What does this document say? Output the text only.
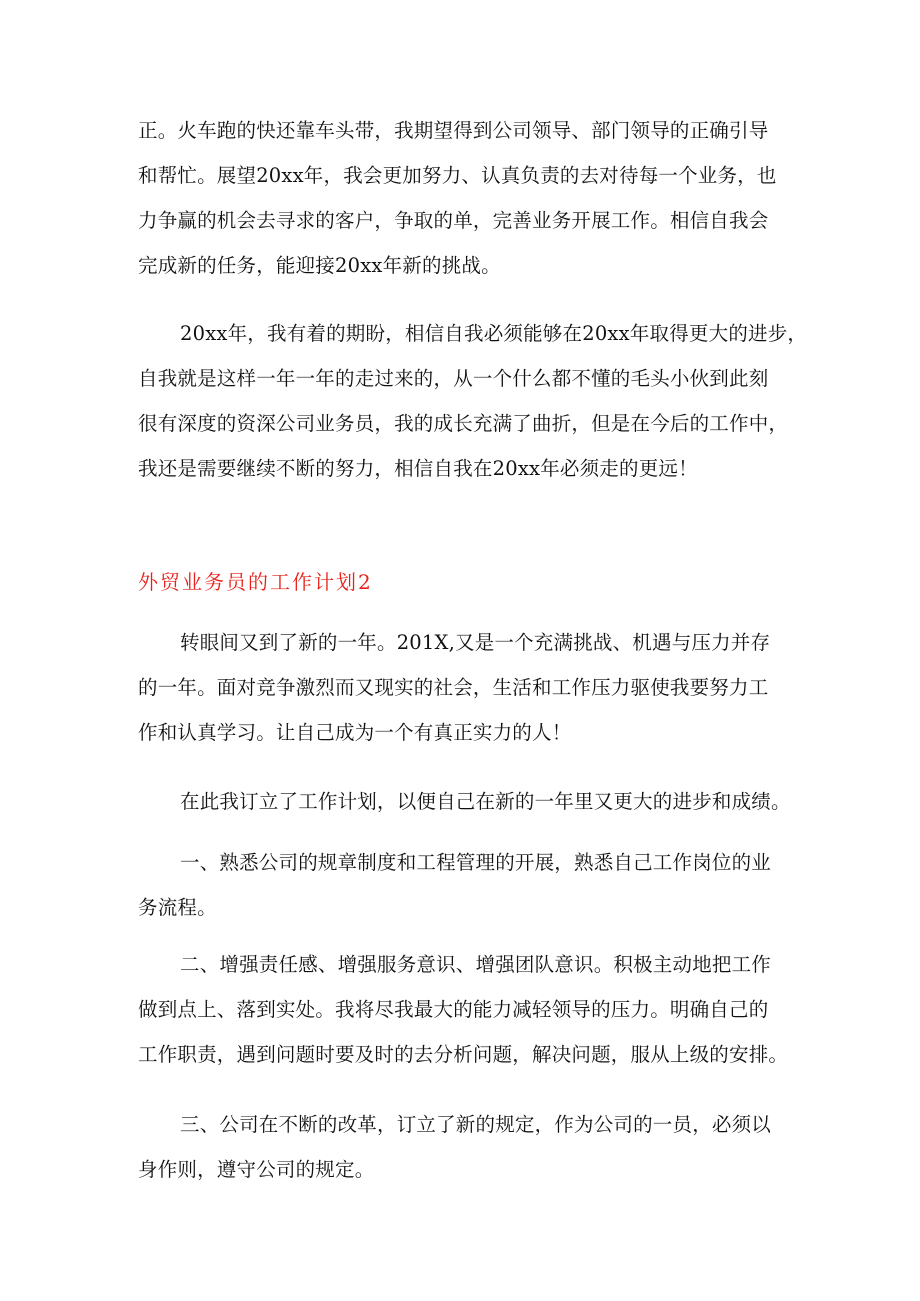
正。火车跑的快还靠车头带，我期望得到公司领导、部门领导的正确引导
和帮忙。展望20xx年，我会更加努力、认真负责的去对待每一个业务，也
力争赢的机会去寻求的客户，争取的单，完善业务开展工作。相信自我会
完成新的任务，能迎接20xx年新的挑战。

20xx年，我有着的期盼，相信自我必须能够在20xx年取得更大的进步，
自我就是这样一年一年的走过来的，从一个什么都不懂的毛头小伙到此刻
很有深度的资深公司业务员，我的成长充满了曲折，但是在今后的工作中，
我还是需要继续不断的努力，相信自我在20xx年必须走的更远！

外贸业务员的工作计划2

转眼间又到了新的一年。201X,又是一个充满挑战、机遇与压力并存
的一年。面对竞争激烈而又现实的社会，生活和工作压力驱使我要努力工
作和认真学习。让自己成为一个有真正实力的人！

在此我订立了工作计划，以便自己在新的一年里又更大的进步和成绩。

一、熟悉公司的规章制度和工程管理的开展，熟悉自己工作岗位的业
务流程。

二、增强责任感、增强服务意识、增强团队意识。积极主动地把工作
做到点上、落到实处。我将尽我最大的能力减轻领导的压力。明确自己的
工作职责，遇到问题时要及时的去分析问题，解决问题，服从上级的安排。

三、公司在不断的改革，订立了新的规定，作为公司的一员，必须以
身作则，遵守公司的规定。
